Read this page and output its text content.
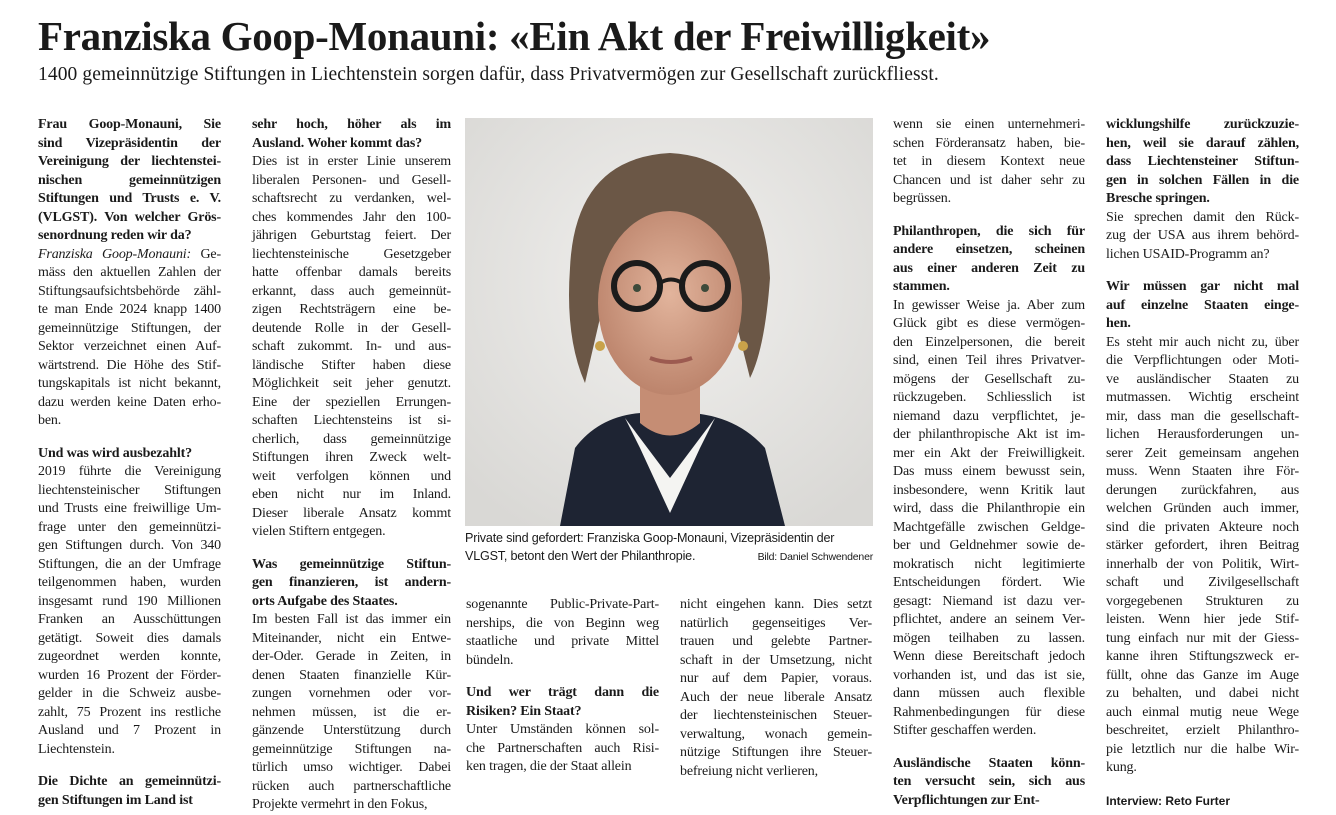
Franziska Goop-Monauni: «Ein Akt der Freiwilligkeit»
1400 gemeinnützige Stiftungen in Liechtenstein sorgen dafür, dass Privatvermögen zur Gesellschaft zurückfliesst.
Frau Goop-Monauni, Sie
sind Vizepräsidentin der
Vereinigung der liechtenstei-
nischen gemeinnützigen
Stiftungen und Trusts e. V.
(VLGST). Von welcher Grös-
senordnung reden wir da?
Franziska Goop-Monauni: Ge-
mäss den aktuellen Zahlen der
Stiftungsaufsichtsbehörde zähl-
te man Ende 2024 knapp 1400
gemeinnützige Stiftungen, der
Sektor verzeichnet einen Auf-
wärtstrend. Die Höhe des Stif-
tungskapitals ist nicht bekannt,
dazu werden keine Daten erho-
ben.
Und was wird ausbezahlt?
2019 führte die Vereinigung
liechtensteinischer Stiftungen
und Trusts eine freiwillige Um-
frage unter den gemeinnützi-
gen Stiftungen durch. Von 340
Stiftungen, die an der Umfrage
teilgenommen haben, wurden
insgesamt rund 190 Millionen
Franken an Ausschüttungen
getätigt. Soweit dies damals
zugeordnet werden konnte,
wurden 16 Prozent der Förder-
gelder in die Schweiz ausbe-
zahlt, 75 Prozent ins restliche
Ausland und 7 Prozent in
Liechtenstein.
Die Dichte an gemeinnützi-
gen Stiftungen im Land ist
sehr hoch, höher als im
Ausland. Woher kommt das?
Dies ist in erster Linie unserem
liberalen Personen- und Gesell-
schaftsrecht zu verdanken, wel-
ches kommendes Jahr den 100-
jährigen Geburtstag feiert. Der
liechtensteinische Gesetzgeber
hatte offenbar damals bereits
erkannt, dass auch gemeinnüt-
zigen Rechtsträgern eine be-
deutende Rolle in der Gesell-
schaft zukommt. In- und aus-
ländische Stifter haben diese
Möglichkeit seit jeher genutzt.
Eine der speziellen Errungen-
schaften Liechtensteins ist si-
cherlich, dass gemeinnützige
Stiftungen ihren Zweck welt-
weit verfolgen können und
eben nicht nur im Inland.
Dieser liberale Ansatz kommt
vielen Stiftern entgegen.
Was gemeinnützige Stiftun-
gen finanzieren, ist andern-
orts Aufgabe des Staates.
Im besten Fall ist das immer ein
Miteinander, nicht ein Entwe-
der-Oder. Gerade in Zeiten, in
denen Staaten finanzielle Kür-
zungen vornehmen oder vor-
nehmen müssen, ist die er-
gänzende Unterstützung durch
gemeinnützige Stiftungen na-
türlich umso wichtiger. Dabei
rücken auch partnerschaftliche
Projekte vermehrt in den Fokus,
sogenannte Public-Private-Part-
nerships, die von Beginn weg
staatliche und private Mittel
bündeln.
Und wer trägt dann die
Risiken? Ein Staat?
Unter Umständen können sol-
che Partnerschaften auch Risi-
ken tragen, die der Staat allein
nicht eingehen kann. Dies setzt
natürlich gegenseitiges Ver-
trauen und gelebte Partner-
schaft in der Umsetzung, nicht
nur auf dem Papier, voraus.
Auch der neue liberale Ansatz
der liechtensteinischen Steuer-
verwaltung, wonach gemein-
nützige Stiftungen ihre Steuer-
befreiung nicht verlieren,
wenn sie einen unternehmeri-
schen Förderansatz haben, bie-
tet in diesem Kontext neue
Chancen und ist daher sehr zu
begrüssen.
Philanthropen, die sich für
andere einsetzen, scheinen
aus einer anderen Zeit zu
stammen.
In gewisser Weise ja. Aber zum
Glück gibt es diese vermögen-
den Einzelpersonen, die bereit
sind, einen Teil ihres Privatver-
mögens der Gesellschaft zu-
rückzugeben. Schliesslich ist
niemand dazu verpflichtet, je-
der philanthropische Akt ist im-
mer ein Akt der Freiwilligkeit.
Das muss einem bewusst sein,
insbesondere, wenn Kritik laut
wird, dass die Philanthropie ein
Machtgefälle zwischen Geldge-
ber und Geldnehmer sowie de-
mokratisch nicht legitimierte
Entscheidungen fördert. Wie
gesagt: Niemand ist dazu ver-
pflichtet, andere an seinem Ver-
mögen teilhaben zu lassen.
Wenn diese Bereitschaft jedoch
vorhanden ist, und das ist sie,
dann müssen auch flexible
Rahmenbedingungen für diese
Stifter geschaffen werden.
Ausländische Staaten könn-
ten versucht sein, sich aus
Verpflichtungen zur Ent-
wicklungshilfe zurückzuzie-
hen, weil sie darauf zählen,
dass Liechtensteiner Stiftun-
gen in solchen Fällen in die
Bresche springen.
Sie sprechen damit den Rück-
zug der USA aus ihrem behörd-
lichen USAID-Programm an?
Wir müssen gar nicht mal
auf einzelne Staaten einge-
hen.
Es steht mir auch nicht zu, über
die Verpflichtungen oder Moti-
ve ausländischer Staaten zu
mutmassen. Wichtig erscheint
mir, dass man die gesellschaft-
lichen Herausforderungen un-
serer Zeit gemeinsam angehen
muss. Wenn Staaten ihre För-
derungen zurückfahren, aus
welchen Gründen auch immer,
sind die privaten Akteure noch
stärker gefordert, ihren Beitrag
innerhalb der von Politik, Wirt-
schaft und Zivilgesellschaft
vorgegebenen Strukturen zu
leisten. Wenn hier jede Stif-
tung einfach nur mit der Giess-
kanne ihren Stiftungszweck er-
füllt, ohne das Ganze im Auge
zu behalten, und dabei nicht
auch einmal mutig neue Wege
beschreitet, erzielt Philanthro-
pie letztlich nur die halbe Wir-
kung.
Interview: Reto Furter
Private sind gefordert: Franziska Goop-Monauni, Vizepräsidentin der VLGST, betont den Wert der Philanthropie.	Bild: Daniel Schwendener
